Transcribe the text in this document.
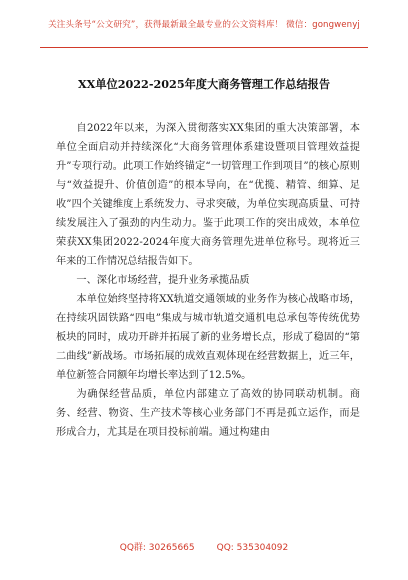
关注头条号“公文研究”，获得最新最全最专业的公文资料库！ 微信：gongwenyj
XX单位2022-2025年度大商务管理工作总结报告

自2022年以来，为深入贯彻落实XX集团的重大决策部署，本单位全面启动并持续深化“大商务管理体系建设暨项目管理效益提升”专项行动。此项工作始终锚定“一切管理工作到项目”的核心原则与“效益提升、价值创造”的根本导向，在“优揽、精管、细算、足收”四个关键维度上系统发力、寻求突破，为单位实现高质量、可持续发展注入了强劲的内生动力。鉴于此项工作的突出成效，本单位荣获XX集团2022-2024年度大商务管理先进单位称号。现将近三年来的工作情况总结报告如下。

一、深化市场经营，提升业务承揽品质

本单位始终坚持将XX轨道交通领域的业务作为核心战略市场，在持续巩固铁路“四电”集成与城市轨道交通机电总承包等传统优势板块的同时，成功开辟并拓展了新的业务增长点，形成了稳固的“第二曲线”新战场。市场拓展的成效直观体现在经营数据上，近三年，单位新签合同额年均增长率达到了12.5%。

为确保经营品质，单位内部建立了高效的协同联动机制。商务、经营、物资、生产技术等核心业务部门不再是孤立运作，而是形成合力，尤其是在项目投标前端。通过构建由

QQ群: 30265665 QQ: 535304092
